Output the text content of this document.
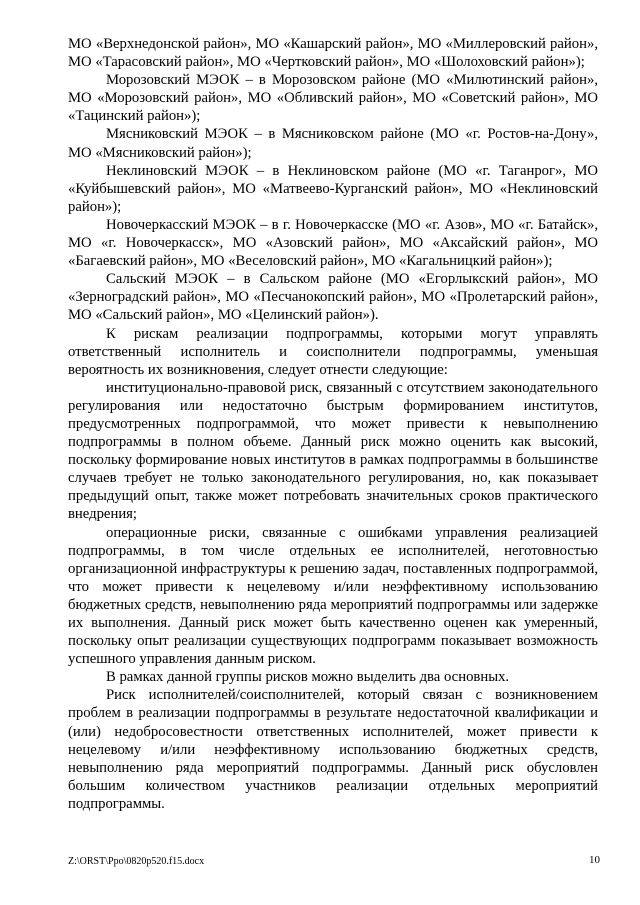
МО «Верхнедонской район», МО «Кашарский район», МО «Миллеровский район», МО «Тарасовский район», МО «Чертковский район», МО «Шолоховский район»);

Морозовский МЭОК – в Морозовском районе (МО «Милютинский район», МО «Морозовский район», МО «Обливский район», МО «Советский район», МО «Тацинский район»);

Мясниковский МЭОК – в Мясниковском районе (МО «г. Ростов-на-Дону», МО «Мясниковский район»);

Неклиновский МЭОК – в Неклиновском районе (МО «г. Таганрог», МО «Куйбышевский район», МО «Матвеево-Курганский район», МО «Неклиновский район»);

Новочеркасский МЭОК – в г. Новочеркасске (МО «г. Азов», МО «г. Батайск», МО «г. Новочеркасск», МО «Азовский район», МО «Аксайский район», МО «Багаевский район», МО «Веселовский район», МО «Кагальницкий район»);

Сальский МЭОК – в Сальском районе (МО «Егорлыкский район», МО «Зерноградский район», МО «Песчанокопский район», МО «Пролетарский район», МО «Сальский район», МО «Целинский район»).

К рискам реализации подпрограммы, которыми могут управлять ответственный исполнитель и соисполнители подпрограммы, уменьшая вероятность их возникновения, следует отнести следующие:

институционально-правовой риск, связанный с отсутствием законодательного регулирования или недостаточно быстрым формированием институтов, предусмотренных подпрограммой, что может привести к невыполнению подпрограммы в полном объеме. Данный риск можно оценить как высокий, поскольку формирование новых институтов в рамках подпрограммы в большинстве случаев требует не только законодательного регулирования, но, как показывает предыдущий опыт, также может потребовать значительных сроков практического внедрения;

операционные риски, связанные с ошибками управления реализацией подпрограммы, в том числе отдельных ее исполнителей, неготовностью организационной инфраструктуры к решению задач, поставленных подпрограммой, что может привести к нецелевому и/или неэффективному использованию бюджетных средств, невыполнению ряда мероприятий подпрограммы или задержке их выполнения. Данный риск может быть качественно оценен как умеренный, поскольку опыт реализации существующих подпрограмм показывает возможность успешного управления данным риском.

В рамках данной группы рисков можно выделить два основных.

Риск исполнителей/соисполнителей, который связан с возникновением проблем в реализации подпрограммы в результате недостаточной квалификации и (или) недобросовестности ответственных исполнителей, может привести к нецелевому и/или неэффективному использованию бюджетных средств, невыполнению ряда мероприятий подпрограммы. Данный риск обусловлен большим количеством участников реализации отдельных мероприятий подпрограммы.

Z:\ORST\Ppo\0820p520.f15.docx	10
